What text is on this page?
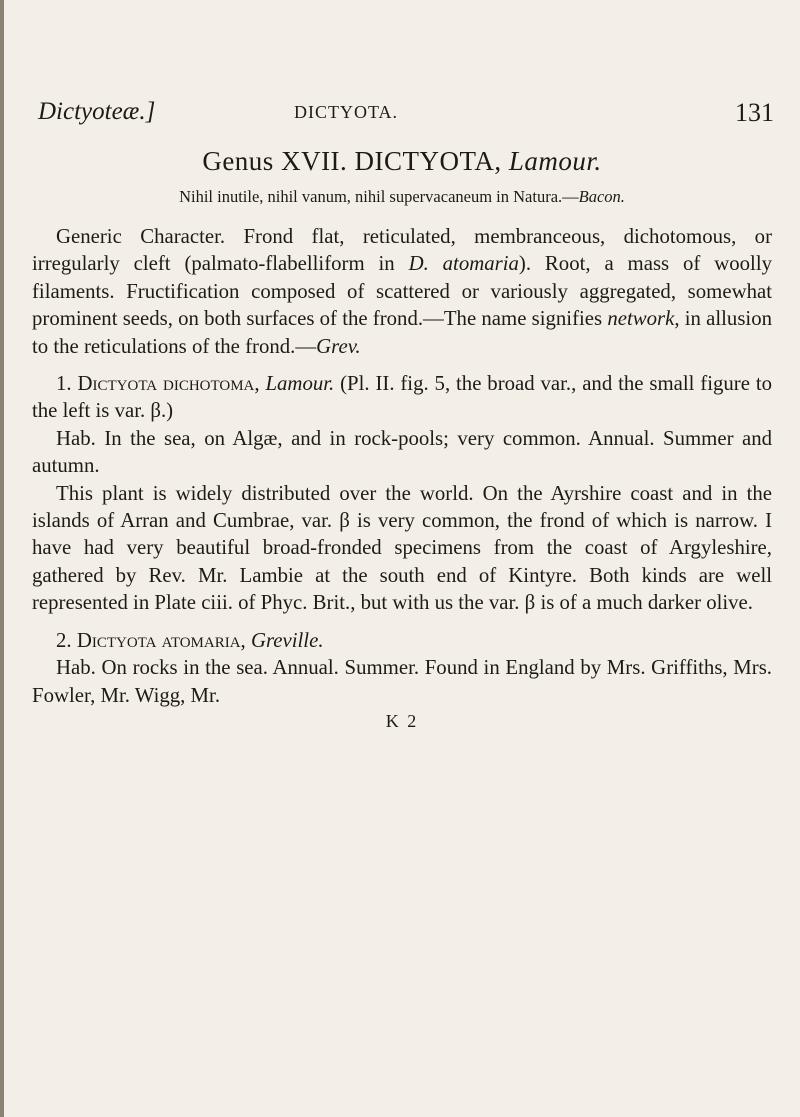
Dictyoteæ.]	DICTYOTA.	131
Genus XVII. DICTYOTA, Lamour.
Nihil inutile, nihil vanum, nihil supervacaneum in Natura.—Bacon.

Generic Character. Frond flat, reticulated, membranceous, dichotomous, or irregularly cleft (palmato-flabelliform in D. atomaria). Root, a mass of woolly filaments. Fructification composed of scattered or variously aggregated, somewhat prominent seeds, on both surfaces of the frond.—The name signifies network, in allusion to the reticulations of the frond.—Grev.

1. Dictyota dichotoma, Lamour. (Pl. II. fig. 5, the broad var., and the small figure to the left is var. β.)

Hab. In the sea, on Algæ, and in rock-pools; very common. Annual. Summer and autumn.

This plant is widely distributed over the world. On the Ayrshire coast and in the islands of Arran and Cumbrae, var. β is very common, the frond of which is narrow. I have had very beautiful broad-fronded specimens from the coast of Argyleshire, gathered by Rev. Mr. Lambie at the south end of Kintyre. Both kinds are well represented in Plate ciii. of Phyc. Brit., but with us the var. β is of a much darker olive.

2. Dictyota atomaria, Greville.

Hab. On rocks in the sea. Annual. Summer. Found in England by Mrs. Griffiths, Mrs. Fowler, Mr. Wigg, Mr.

K 2
